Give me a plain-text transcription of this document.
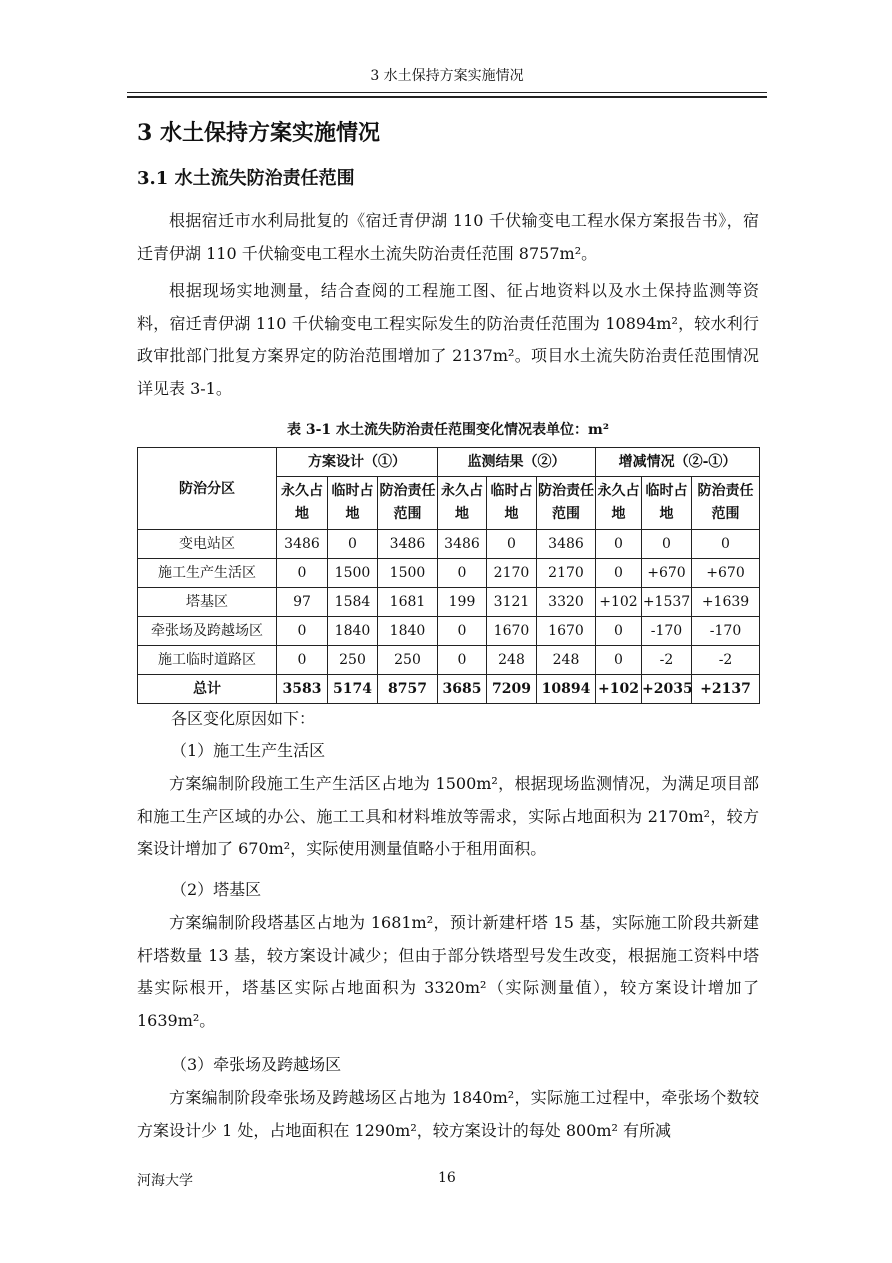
3 水土保持方案实施情况
3 水土保持方案实施情况
3.1 水土流失防治责任范围

根据宿迁市水利局批复的《宿迁青伊湖 110 千伏输变电工程水保方案报告书》，宿迁青伊湖 110 千伏输变电工程水土流失防治责任范围 8757m²。

根据现场实地测量，结合查阅的工程施工图、征占地资料以及水土保持监测等资料，宿迁青伊湖 110 千伏输变电工程实际发生的防治责任范围为 10894m²，较水利行政审批部门批复方案界定的防治范围增加了 2137m²。项目水土流失防治责任范围情况详见表 3-1。

表 3-1 水土流失防治责任范围变化情况表单位：m²
防治分区	方案设计（①）			监测结果（②）			增减情况（②-①）		
	永久占地	临时占地	防治责任范围	永久占地	临时占地	防治责任范围	永久占地	临时占地	防治责任范围
变电站区	3486	0	3486	3486	0	3486	0	0	0
施工生产生活区	0	1500	1500	0	2170	2170	0	+670	+670
塔基区	97	1584	1681	199	3121	3320	+102	+1537	+1639
牵张场及跨越场区	0	1840	1840	0	1670	1670	0	-170	-170
施工临时道路区	0	250	250	0	248	248	0	-2	-2
总计	3583	5174	8757	3685	7209	10894	+102	+2035	+2137
各区变化原因如下：
（1）施工生产生活区

方案编制阶段施工生产生活区占地为 1500m²，根据现场监测情况，为满足项目部和施工生产区域的办公、施工工具和材料堆放等需求，实际占地面积为 2170m²，较方案设计增加了 670m²，实际使用测量值略小于租用面积。

（2）塔基区

方案编制阶段塔基区占地为 1681m²，预计新建杆塔 15 基，实际施工阶段共新建杆塔数量 13 基，较方案设计减少；但由于部分铁塔型号发生改变，根据施工资料中塔基实际根开，塔基区实际占地面积为 3320m²（实际测量值），较方案设计增加了 1639m²。

（3）牵张场及跨越场区

方案编制阶段牵张场及跨越场区占地为 1840m²，实际施工过程中，牵张场个数较方案设计少 1 处，占地面积在 1290m²，较方案设计的每处 800m² 有所减

河海大学	16
